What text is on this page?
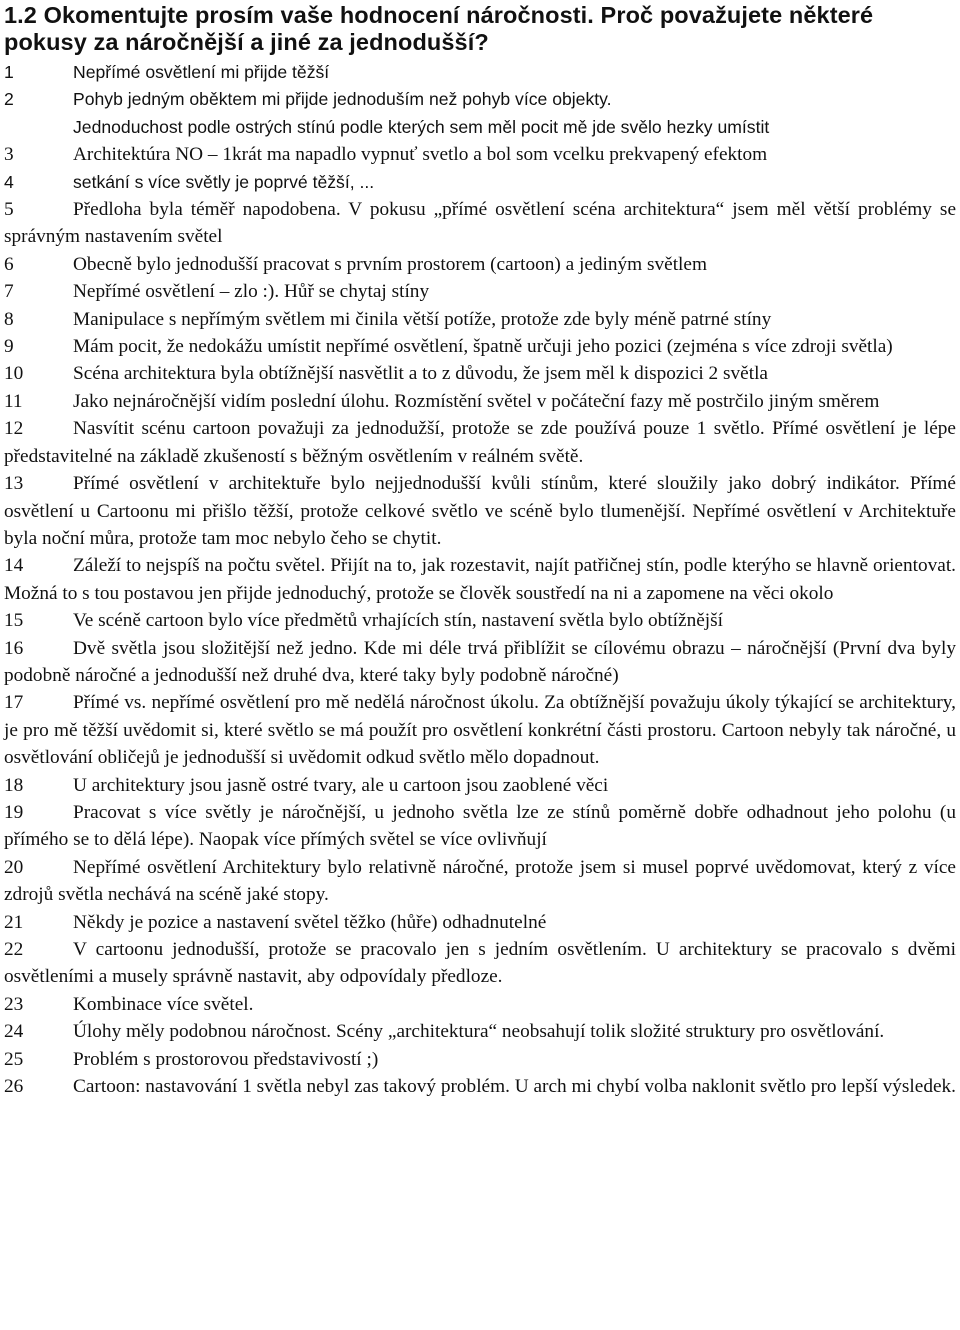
1.2 Okomentujte prosím vaše hodnocení náročnosti. Proč považujete některé pokusy za náročnější a jiné za jednodušší?

1	Nepřímé osvětlení mi přijde těžší

2	Pohyb jedným oběktem mi přijde jednoduším než pohyb více objekty.
Jednoduchost podle ostrých stínú podle kterých sem měl pocit mě jde svělo hezky umístit

3	Architektúra NO – 1krát ma napadlo vypnuť svetlo a bol som vcelku prekvapený efektom

4	setkání s více světly je poprvé těžší, ...

5	Předloha byla téměř napodobena. V pokusu „přímé osvětlení scéna architektura“ jsem měl větší problémy se správným nastavením světel

6	Obecně bylo jednodušší pracovat s prvním prostorem (cartoon) a jediným světlem

7	Nepřímé osvětlení – zlo :). Hůř se chytaj stíny

8	Manipulace s nepřímým světlem mi činila větší potíže, protože zde byly méně patrné stíny

9	Mám pocit, že nedokážu umístit nepřímé osvětlení, špatně určuji jeho pozici (zejména s více zdroji světla)

10	Scéna architektura byla obtížnější nasvětlit a to z důvodu, že jsem měl k dispozici 2 světla

11	Jako nejnáročnější vidím poslední úlohu. Rozmístění světel v počáteční fazy mě postrčilo jiným směrem

12	Nasvítit scénu cartoon považuji za jednodužší, protože se zde používá pouze 1 světlo. Přímé osvětlení je lépe představitelné na základě zkušeností s běžným osvětlením v reálném světě.

13	Přímé osvětlení v architektuře bylo nejjednodušší kvůli stínům, které sloužily jako dobrý indikátor. Přímé osvětlení u Cartoonu mi přišlo těžší, protože celkové světlo ve scéně bylo tlumenější. Nepřímé osvětlení v Architektuře byla noční můra, protože tam moc nebylo čeho se chytit.

14	Záleží to nejspíš na počtu světel. Přijít na to, jak rozestavit, najít patřičnej stín, podle kterýho se hlavně orientovat. Možná to s tou postavou jen přijde jednoduchý, protože se člověk soustředí na ni a zapomene na věci okolo

15	Ve scéně cartoon bylo více předmětů vrhajících stín, nastavení světla bylo obtížnější

16	Dvě světla jsou složitější než jedno. Kde mi déle trvá přiblížit se cílovému obrazu – náročnější (První dva byly podobně náročné a jednodušší než druhé dva, které taky byly podobně náročné)

17	Přímé vs. nepřímé osvětlení pro mě nedělá náročnost úkolu. Za obtížnější považuju úkoly týkající se architektury, je pro mě těžší uvědomit si, které světlo se má použít pro osvětlení konkrétní části prostoru. Cartoon nebyly tak náročné, u osvětlování obličejů je jednodušší si uvědomit odkud světlo mělo dopadnout.

18	U architektury jsou jasně ostré tvary, ale u cartoon jsou zaoblené věci

19	Pracovat s více světly je náročnější, u jednoho světla lze ze stínů poměrně dobře odhadnout jeho polohu (u přímého se to dělá lépe). Naopak více přímých světel se více ovlivňují

20	Nepřímé osvětlení Architektury bylo relativně náročné, protože jsem si musel poprvé uvědomovat, který z více zdrojů světla nechává na scéně jaké stopy.

21	Někdy je pozice a nastavení světel těžko (hůře) odhadnutelné

22	V cartoonu jednodušší, protože se pracovalo jen s jedním osvětlením. U architektury se pracovalo s dvěmi osvětleními a musely správně nastavit, aby odpovídaly předloze.

23	Kombinace více světel.

24	Úlohy měly podobnou náročnost. Scény „architektura“ neobsahují tolik složité struktury pro osvětlování.

25	Problém s prostorovou představivostí ;)

26	Cartoon: nastavování 1 světla nebyl zas takový problém. U arch mi chybí volba naklonit světlo pro lepší výsledek.
